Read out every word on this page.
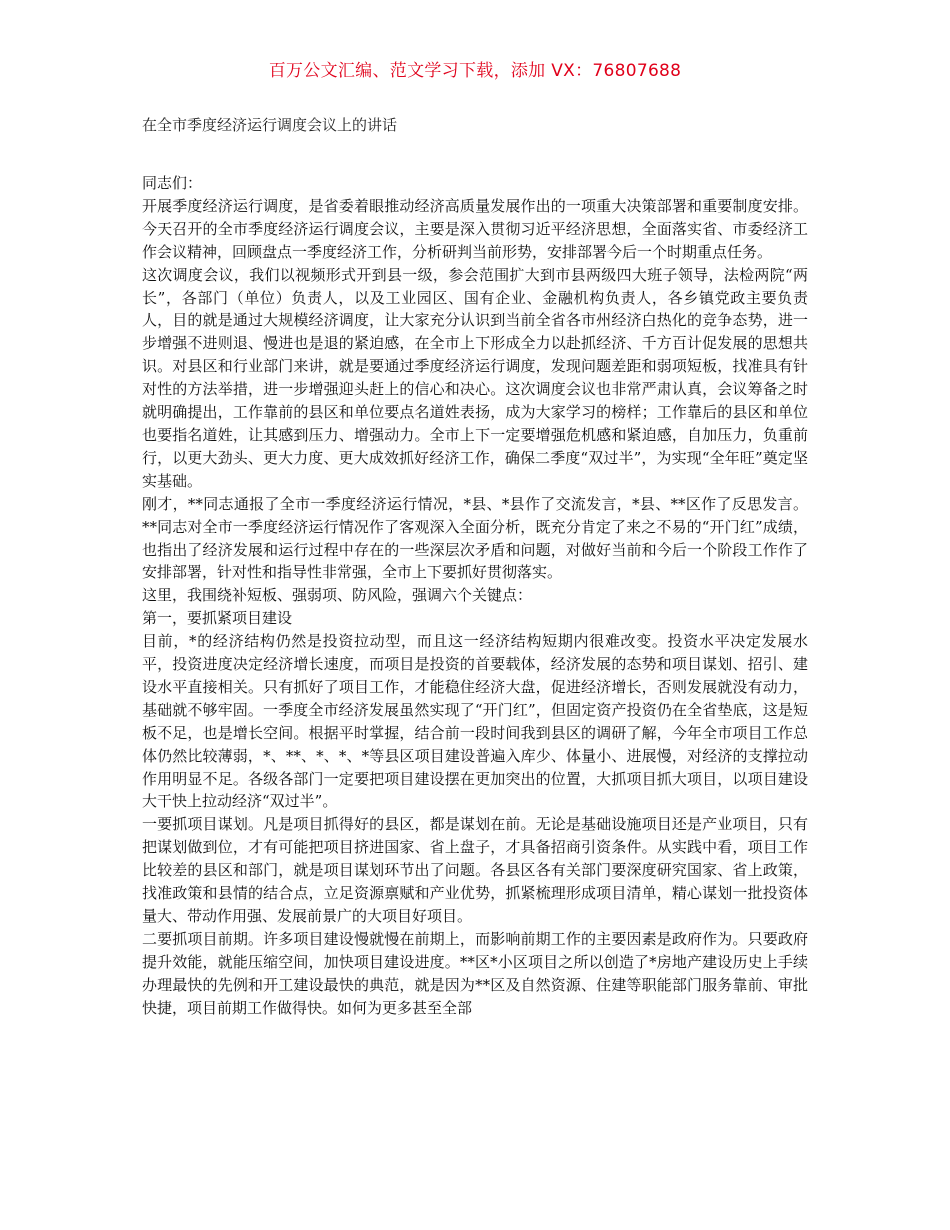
百万公文汇编、范文学习下载，添加 VX：76807688
在全市季度经济运行调度会议上的讲话

同志们：

开展季度经济运行调度，是省委着眼推动经济高质量发展作出的一项重大决策部署和重要制度安排。今天召开的全市季度经济运行调度会议，主要是深入贯彻习近平经济思想，全面落实省、市委经济工作会议精神，回顾盘点一季度经济工作，分析研判当前形势，安排部署今后一个时期重点任务。

这次调度会议，我们以视频形式开到县一级，参会范围扩大到市县两级四大班子领导，法检两院“两长”，各部门（单位）负责人，以及工业园区、国有企业、金融机构负责人，各乡镇党政主要负责人，目的就是通过大规模经济调度，让大家充分认识到当前全省各市州经济白热化的竞争态势，进一步增强不进则退、慢进也是退的紧迫感，在全市上下形成全力以赴抓经济、千方百计促发展的思想共识。对县区和行业部门来讲，就是要通过季度经济运行调度，发现问题差距和弱项短板，找准具有针对性的方法举措，进一步增强迎头赶上的信心和决心。这次调度会议也非常严肃认真，会议筹备之时就明确提出，工作靠前的县区和单位要点名道姓表扬，成为大家学习的榜样；工作靠后的县区和单位也要指名道姓，让其感到压力、增强动力。全市上下一定要增强危机感和紧迫感，自加压力，负重前行，以更大劲头、更大力度、更大成效抓好经济工作，确保二季度“双过半”，为实现“全年旺”奠定坚实基础。

刚才，**同志通报了全市一季度经济运行情况，*县、*县作了交流发言，*县、**区作了反思发言。**同志对全市一季度经济运行情况作了客观深入全面分析，既充分肯定了来之不易的“开门红”成绩，也指出了经济发展和运行过程中存在的一些深层次矛盾和问题，对做好当前和今后一个阶段工作作了安排部署，针对性和指导性非常强，全市上下要抓好贯彻落实。

这里，我围绕补短板、强弱项、防风险，强调六个关键点：

第一，要抓紧项目建设

目前，*的经济结构仍然是投资拉动型，而且这一经济结构短期内很难改变。投资水平决定发展水平，投资进度决定经济增长速度，而项目是投资的首要载体，经济发展的态势和项目谋划、招引、建设水平直接相关。只有抓好了项目工作，才能稳住经济大盘，促进经济增长，否则发展就没有动力，基础就不够牢固。一季度全市经济发展虽然实现了“开门红”，但固定资产投资仍在全省垫底，这是短板不足，也是增长空间。根据平时掌握，结合前一段时间我到县区的调研了解，今年全市项目工作总体仍然比较薄弱，*、**、*、*、*等县区项目建设普遍入库少、体量小、进展慢，对经济的支撑拉动作用明显不足。各级各部门一定要把项目建设摆在更加突出的位置，大抓项目抓大项目，以项目建设大干快上拉动经济“双过半”。

一要抓项目谋划。凡是项目抓得好的县区，都是谋划在前。无论是基础设施项目还是产业项目，只有把谋划做到位，才有可能把项目挤进国家、省上盘子，才具备招商引资条件。从实践中看，项目工作比较差的县区和部门，就是项目谋划环节出了问题。各县区各有关部门要深度研究国家、省上政策，找准政策和县情的结合点，立足资源禀赋和产业优势，抓紧梳理形成项目清单，精心谋划一批投资体量大、带动作用强、发展前景广的大项目好项目。

二要抓项目前期。许多项目建设慢就慢在前期上，而影响前期工作的主要因素是政府作为。只要政府提升效能，就能压缩空间，加快项目建设进度。**区*小区项目之所以创造了*房地产建设历史上手续办理最快的先例和开工建设最快的典范，就是因为**区及自然资源、住建等职能部门服务靠前、审批快捷，项目前期工作做得快。如何为更多甚至全部
